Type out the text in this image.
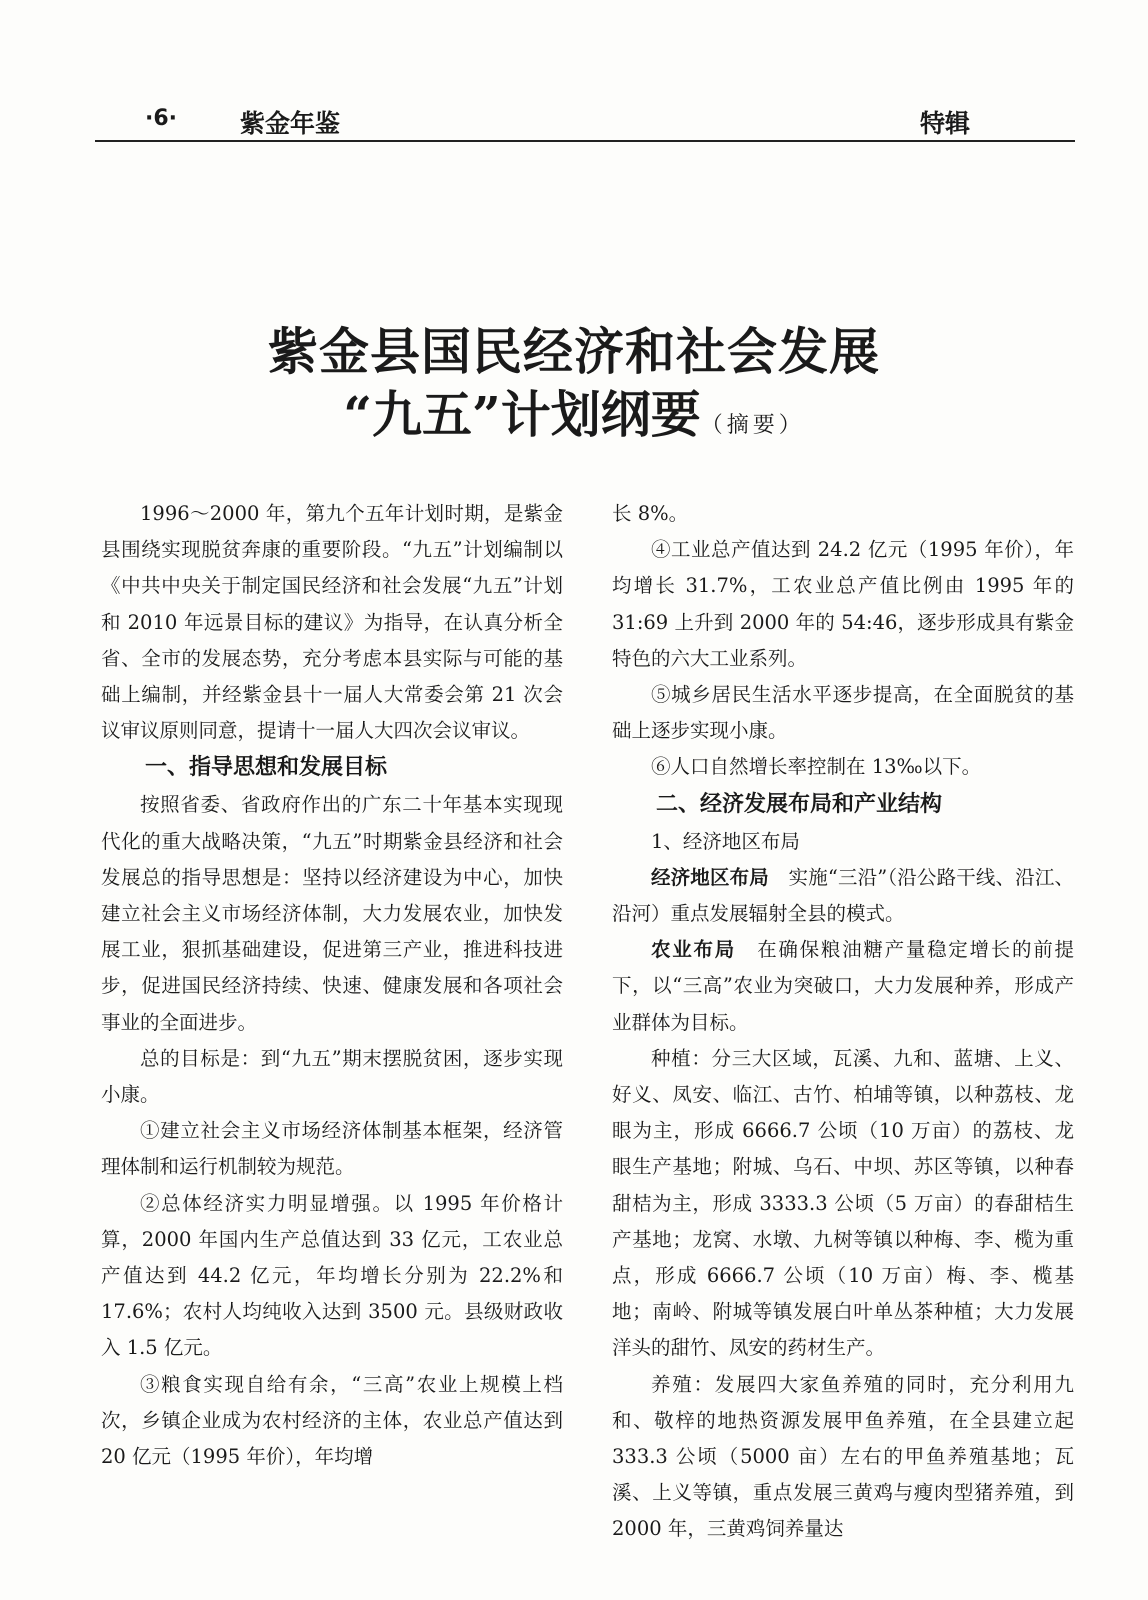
·6·	紫金年鉴	特辑
紫金县国民经济和社会发展
“九五”计划纲要（摘要）

1996～2000 年，第九个五年计划时期，是紫金县围绕实现脱贫奔康的重要阶段。“九五”计划编制以《中共中央关于制定国民经济和社会发展“九五”计划和 2010 年远景目标的建议》为指导，在认真分析全省、全市的发展态势，充分考虑本县实际与可能的基础上编制，并经紫金县十一届人大常委会第 21 次会议审议原则同意，提请十一届人大四次会议审议。

一、指导思想和发展目标

按照省委、省政府作出的广东二十年基本实现现代化的重大战略决策，“九五”时期紫金县经济和社会发展总的指导思想是：坚持以经济建设为中心，加快建立社会主义市场经济体制，大力发展农业，加快发展工业，狠抓基础建设，促进第三产业，推进科技进步，促进国民经济持续、快速、健康发展和各项社会事业的全面进步。

总的目标是：到“九五”期末摆脱贫困，逐步实现小康。

①建立社会主义市场经济体制基本框架，经济管理体制和运行机制较为规范。

②总体经济实力明显增强。以 1995 年价格计算，2000 年国内生产总值达到 33 亿元，工农业总产值达到 44.2 亿元，年均增长分别为 22.2%和 17.6%；农村人均纯收入达到 3500 元。县级财政收入 1.5 亿元。

③粮食实现自给有余，“三高”农业上规模上档次，乡镇企业成为农村经济的主体，农业总产值达到 20 亿元（1995 年价），年均增

长 8%。

④工业总产值达到 24.2 亿元（1995 年价），年均增长 31.7%，工农业总产值比例由 1995 年的 31:69 上升到 2000 年的 54:46，逐步形成具有紫金特色的六大工业系列。

⑤城乡居民生活水平逐步提高，在全面脱贫的基础上逐步实现小康。

⑥人口自然增长率控制在 13‰以下。

二、经济发展布局和产业结构
1、经济地区布局

经济地区布局　实施“三沿”（沿公路干线、沿江、沿河）重点发展辐射全县的模式。

农业布局　在确保粮油糖产量稳定增长的前提下，以“三高”农业为突破口，大力发展种养，形成产业群体为目标。

种植：分三大区域，瓦溪、九和、蓝塘、上义、好义、凤安、临江、古竹、柏埔等镇，以种荔枝、龙眼为主，形成 6666.7 公顷（10 万亩）的荔枝、龙眼生产基地；附城、乌石、中坝、苏区等镇，以种春甜桔为主，形成 3333.3 公顷（5 万亩）的春甜桔生产基地；龙窝、水墩、九树等镇以种梅、李、榄为重点，形成 6666.7 公顷（10 万亩）梅、李、榄基地；南岭、附城等镇发展白叶单丛茶种植；大力发展洋头的甜竹、凤安的药材生产。

养殖：发展四大家鱼养殖的同时，充分利用九和、敬梓的地热资源发展甲鱼养殖，在全县建立起 333.3 公顷（5000 亩）左右的甲鱼养殖基地；瓦溪、上义等镇，重点发展三黄鸡与瘦肉型猪养殖，到 2000 年，三黄鸡饲养量达
